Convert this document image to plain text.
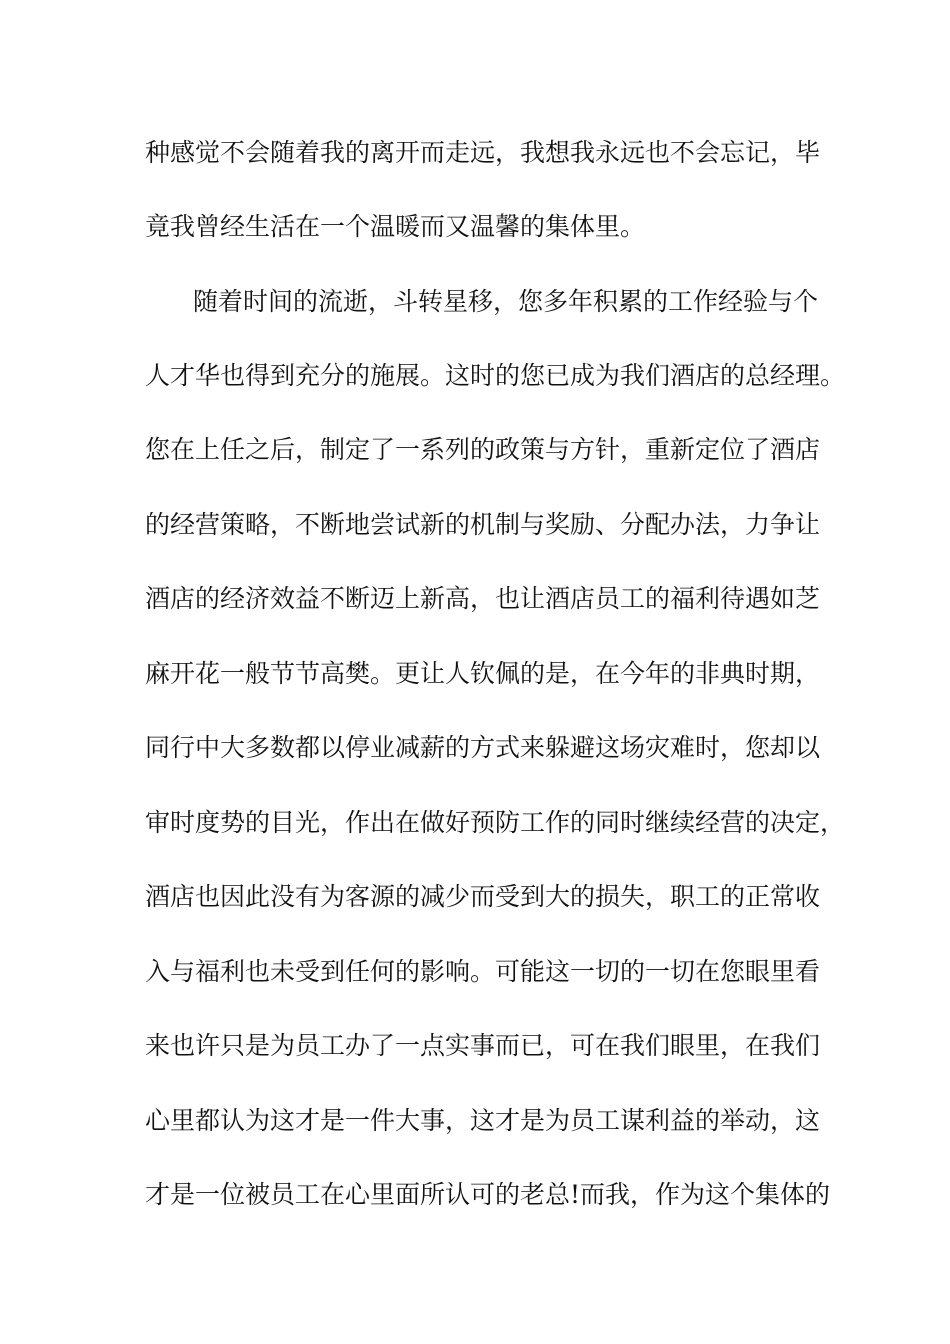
种感觉不会随着我的离开而走远，我想我永远也不会忘记，毕
竟我曾经生活在一个温暖而又温馨的集体里。
随着时间的流逝，斗转星移，您多年积累的工作经验与个
人才华也得到充分的施展。这时的您已成为我们酒店的总经理。
您在上任之后，制定了一系列的政策与方针，重新定位了酒店
的经营策略，不断地尝试新的机制与奖励、分配办法，力争让
酒店的经济效益不断迈上新高，也让酒店员工的福利待遇如芝
麻开花一般节节高樊。更让人钦佩的是，在今年的非典时期，
同行中大多数都以停业减薪的方式来躲避这场灾难时，您却以
审时度势的目光，作出在做好预防工作的同时继续经营的决定，
酒店也因此没有为客源的减少而受到大的损失，职工的正常收
入与福利也未受到任何的影响。可能这一切的一切在您眼里看
来也许只是为员工办了一点实事而已，可在我们眼里，在我们
心里都认为这才是一件大事，这才是为员工谋利益的举动，这
才是一位被员工在心里面所认可的老总!而我，作为这个集体的
